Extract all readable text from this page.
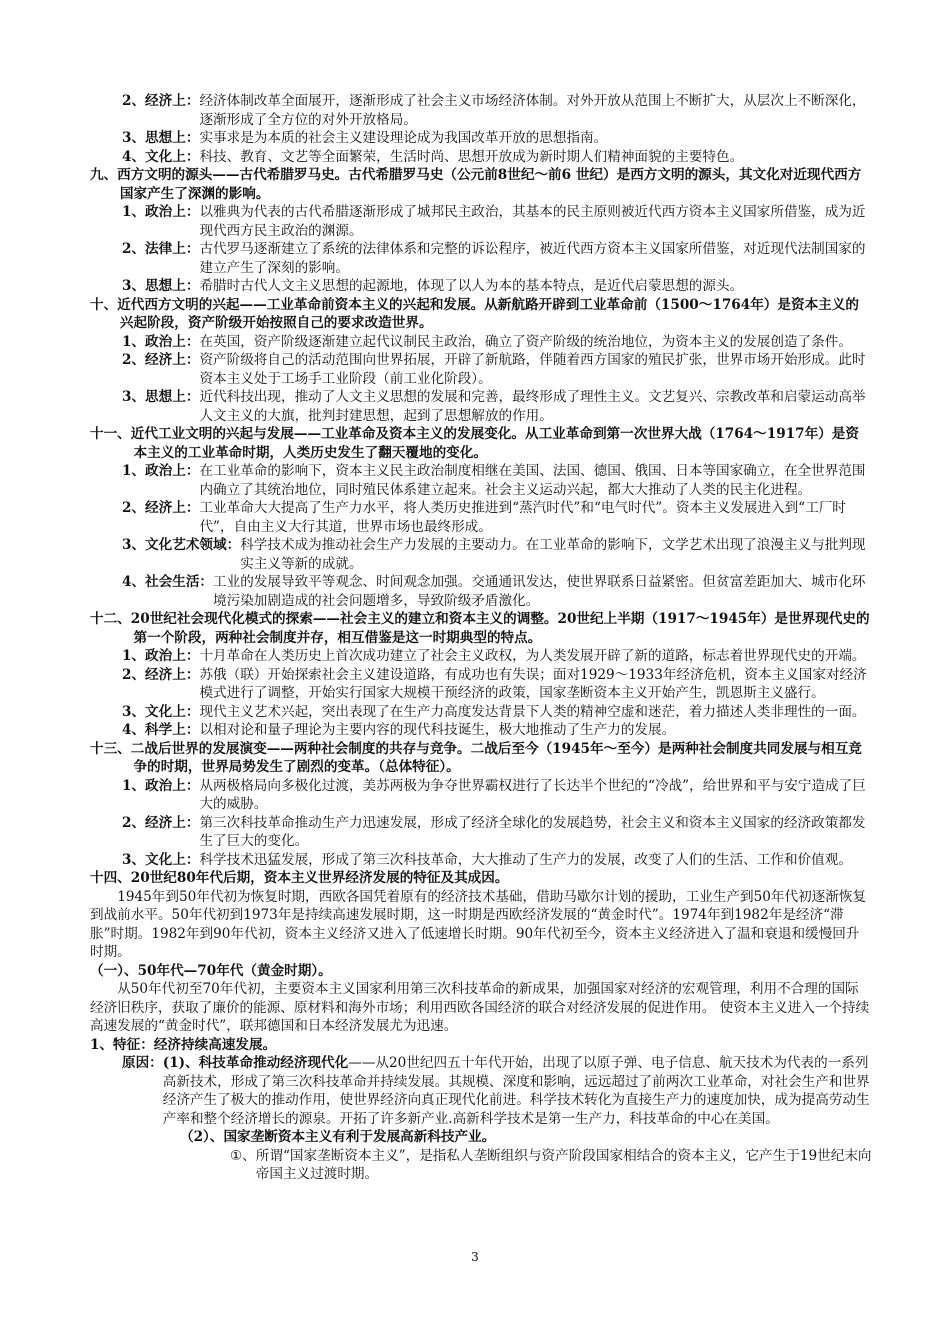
2、经济上： 经济体制改革全面展开，逐渐形成了社会主义市场经济体制。对外开放从范围上不断扩大，从层次上不断深化，逐渐形成了全方位的对外开放格局。
3、思想上： 实事求是为本质的社会主义建设理论成为我国改革开放的思想指南。
4、文化上： 科技、教育、文艺等全面繁荣，生活时尚、思想开放成为新时期人们精神面貌的主要特色。

九、西方文明的源头——古代希腊罗马史。古代希腊罗马史（公元前8世纪～前6 世纪）是西方文明的源头，其文化对近现代西方国家产生了深渊的影响。

1、政治上： 以雅典为代表的古代希腊逐渐形成了城邦民主政治，其基本的民主原则被近代西方资本主义国家所借鉴，成为近现代西方民主政治的渊源。
2、法律上： 古代罗马逐渐建立了系统的法律体系和完整的诉讼程序，被近代西方资本主义国家所借鉴，对近现代法制国家的建立产生了深刻的影响。
3、思想上： 希腊时古代人文主义思想的起源地，体现了以人为本的基本特点，是近代启蒙思想的源头。

十、近代西方文明的兴起——工业革命前资本主义的兴起和发展。从新航路开辟到工业革命前（1500～1764年）是资本主义的兴起阶段，资产阶级开始按照自己的要求改造世界。

1、政治上： 在英国，资产阶级逐渐建立起代议制民主政治，确立了资产阶级的统治地位，为资本主义的发展创造了条件。
2、经济上： 资产阶级将自己的活动范围向世界拓展，开辟了新航路，伴随着西方国家的殖民扩张，世界市场开始形成。此时资本主义处于工场手工业阶段（前工业化阶段）。
3、思想上： 近代科技出现，推动了人文主义思想的发展和完善，最终形成了理性主义。文艺复兴、宗教改革和启蒙运动高举人文主义的大旗，批判封建思想，起到了思想解放的作用。

十一、近代工业文明的兴起与发展——工业革命及资本主义的发展变化。从工业革命到第一次世界大战（1764～1917年）是资本主义的工业革命时期，人类历史发生了翻天覆地的变化。

1、政治上： 在工业革命的影响下，资本主义民主政治制度相继在美国、法国、德国、俄国、日本等国家确立，在全世界范围内确立了其统治地位，同时殖民体系建立起来。社会主义运动兴起，都大大推动了人类的民主化进程。
2、经济上： 工业革命大大提高了生产力水平，将人类历史推进到“蒸汽时代”和“电气时代”。资本主义发展进入到“工厂时代”，自由主义大行其道，世界市场也最终形成。
3、文化艺术领域： 科学技术成为推动社会生产力发展的主要动力。在工业革命的影响下，文学艺术出现了浪漫主义与批判现实主义等新的成就。
4、社会生活： 工业的发展导致平等观念、时间观念加强。交通通讯发达，使世界联系日益紧密。但贫富差距加大、城市化环境污染加剧造成的社会问题增多，导致阶级矛盾激化。

十二、20世纪社会现代化模式的探索——社会主义的建立和资本主义的调整。20世纪上半期（1917～1945年）是世界现代史的第一个阶段，两种社会制度并存，相互借鉴是这一时期典型的特点。

1、政治上： 十月革命在人类历史上首次成功建立了社会主义政权，为人类发展开辟了新的道路，标志着世界现代史的开端。
2、经济上： 苏俄（联）开始探索社会主义建设道路，有成功也有失误；面对1929～1933年经济危机，资本主义国家对经济模式进行了调整，开始实行国家大规模干预经济的政策，国家垄断资本主义开始产生，凯恩斯主义盛行。
3、文化上： 现代主义艺术兴起，突出表现了在生产力高度发达背景下人类的精神空虚和迷茫，着力描述人类非理性的一面。
4、科学上： 以相对论和量子理论为主要内容的现代科技诞生，极大地推动了生产力的发展。

十三、二战后世界的发展演变——两种社会制度的共存与竞争。二战后至今（1945年～至今）是两种社会制度共同发展与相互竞争的时期，世界局势发生了剧烈的变革。（总体特征）。

1、政治上： 从两极格局向多极化过渡，美苏两极为争夺世界霸权进行了长达半个世纪的“冷战”，给世界和平与安宁造成了巨大的威胁。
2、经济上： 第三次科技革命推动生产力迅速发展，形成了经济全球化的发展趋势，社会主义和资本主义国家的经济政策都发生了巨大的变化。
3、文化上： 科学技术迅猛发展，形成了第三次科技革命，大大推动了生产力的发展，改变了人们的生活、工作和价值观。

十四、20世纪80年代后期，资本主义世界经济发展的特征及其成因。

1945年到50年代初为恢复时期，西欧各国凭着原有的经济技术基础，借助马歇尔计划的援助，工业生产到50年代初逐渐恢复到战前水平。50年代初到1973年是持续高速发展时期，这一时期是西欧经济发展的“黄金时代”。1974年到1982年是经济“滞胀”时期。1982年到90年代初，资本主义经济又进入了低速增长时期。90年代初至今，资本主义经济进入了温和衰退和缓慢回升时期。

（一）、50年代—70年代（黄金时期）。

从50年代初至70年代初，主要资本主义国家利用第三次科技革命的新成果，加强国家对经济的宏观管理，利用不合理的国际经济旧秩序，获取了廉价的能源、原材料和海外市场；利用西欧各国经济的联合对经济发展的促进作用。 使资本主义进入一个持续高速发展的“黄金时代”，联邦德国和日本经济发展尤为迅速。

1、特征：经济持续高速发展。

原因： (1)、科技革命推动经济现代化——从20世纪四五十年代开始，出现了以原子弹、电子信息、航天技术为代表的一系列高新技术，形成了第三次科技革命并持续发展。其规模、深度和影响，远远超过了前两次工业革命，对社会生产和世界经济产生了极大的推动作用，使世界经济向真正现代化前进。科学技术转化为直接生产力的速度加快，成为提高劳动生产率和整个经济增长的源泉。开拓了许多新产业.高新科学技术是第一生产力，科技革命的中心在美国。

（2）、国家垄断资本主义有利于发展高新科技产业。

①、 所谓“国家垄断资本主义”，是指私人垄断组织与资产阶段国家相结合的资本主义，它产生于19世纪末向帝国主义过渡时期。
3
